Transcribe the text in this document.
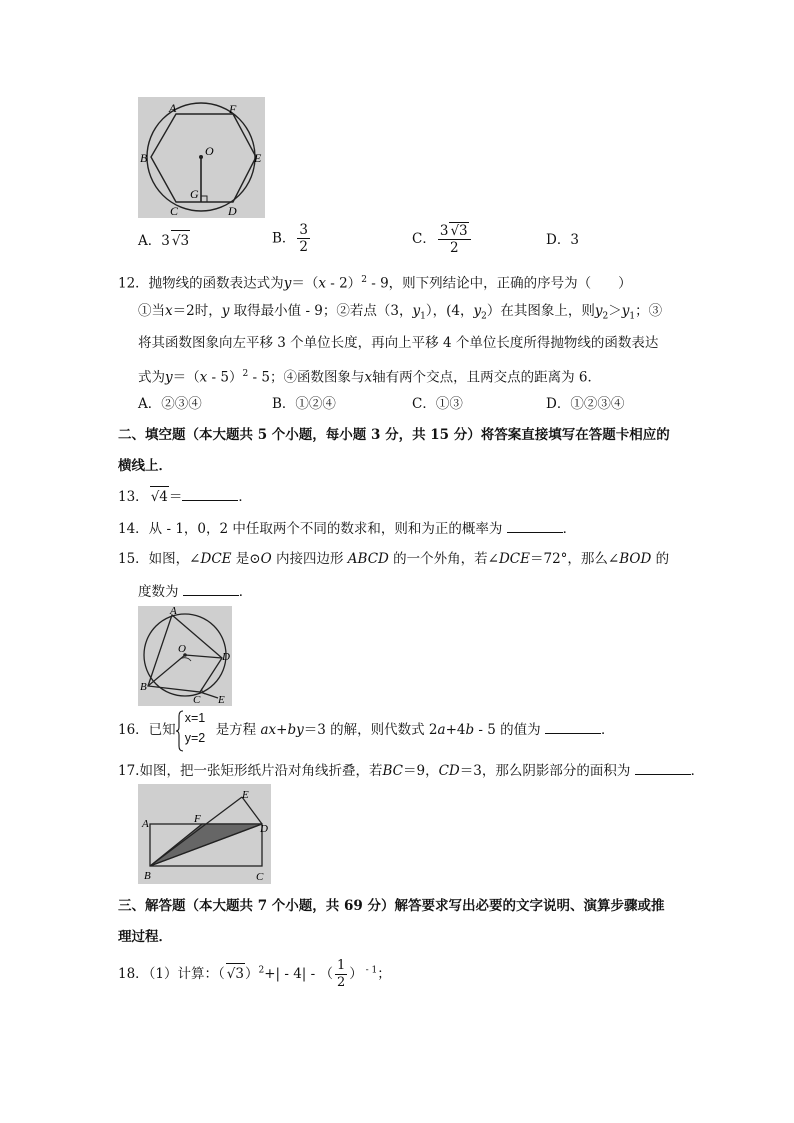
A	F
B	E
O
G
C	D
A．3 √3	B． $\frac{3}{2}$	C． $\frac{3 √3}{2}$	D．3
12．抛物线的函数表达式为y＝（x - 2）$^2$ - 9，则下列结论中，正确的序号为（　　）
①当x＝2时，y 取得最小值 - 9；②若点（3，$y_1$），(4，$y_2$）在其图象上，则$y_2>y_1$；③
将其函数图象向左平移 3 个单位长度，再向上平移 4 个单位长度所得抛物线的函数表达
式为y＝（x - 5）$^2$ - 5；④函数图象与x轴有两个交点，且两交点的距离为 6．
A．②③④	B．①②④	C．①③	D．①②③④
二、填空题（本大题共 5 个小题，每小题 3 分，共 15 分）将答案直接填写在答题卡相应的
横线上．
13． √4＝	．
14．从 - 1，0，2 中任取两个不同的数求和，则和为正的概率为	．
15．如图，∠DCE 是⊙O 内接四边形 ABCD 的一个外角，若∠DCE＝72°，那么∠BOD 的
度数为	．
A
O
D
B
C E
16．已知
x=1
y=2 是方程 ax+by＝3 的解，则代数式 2a+4b - 5 的值为	．
17.如图，把一张矩形纸片沿对角线折叠，若BC＝9，CD＝3，那么阴影部分的面积为	．
A	F
E
D
B	C
三、解答题（本大题共 7 个小题，共 69 分）解答要求写出必要的文字说明、演算步骤或推
理过程．
18．（1）计算：（ √3）$^2$+| - 4| - （ $\frac{1}{2}$ ） $^{- 1}$；
